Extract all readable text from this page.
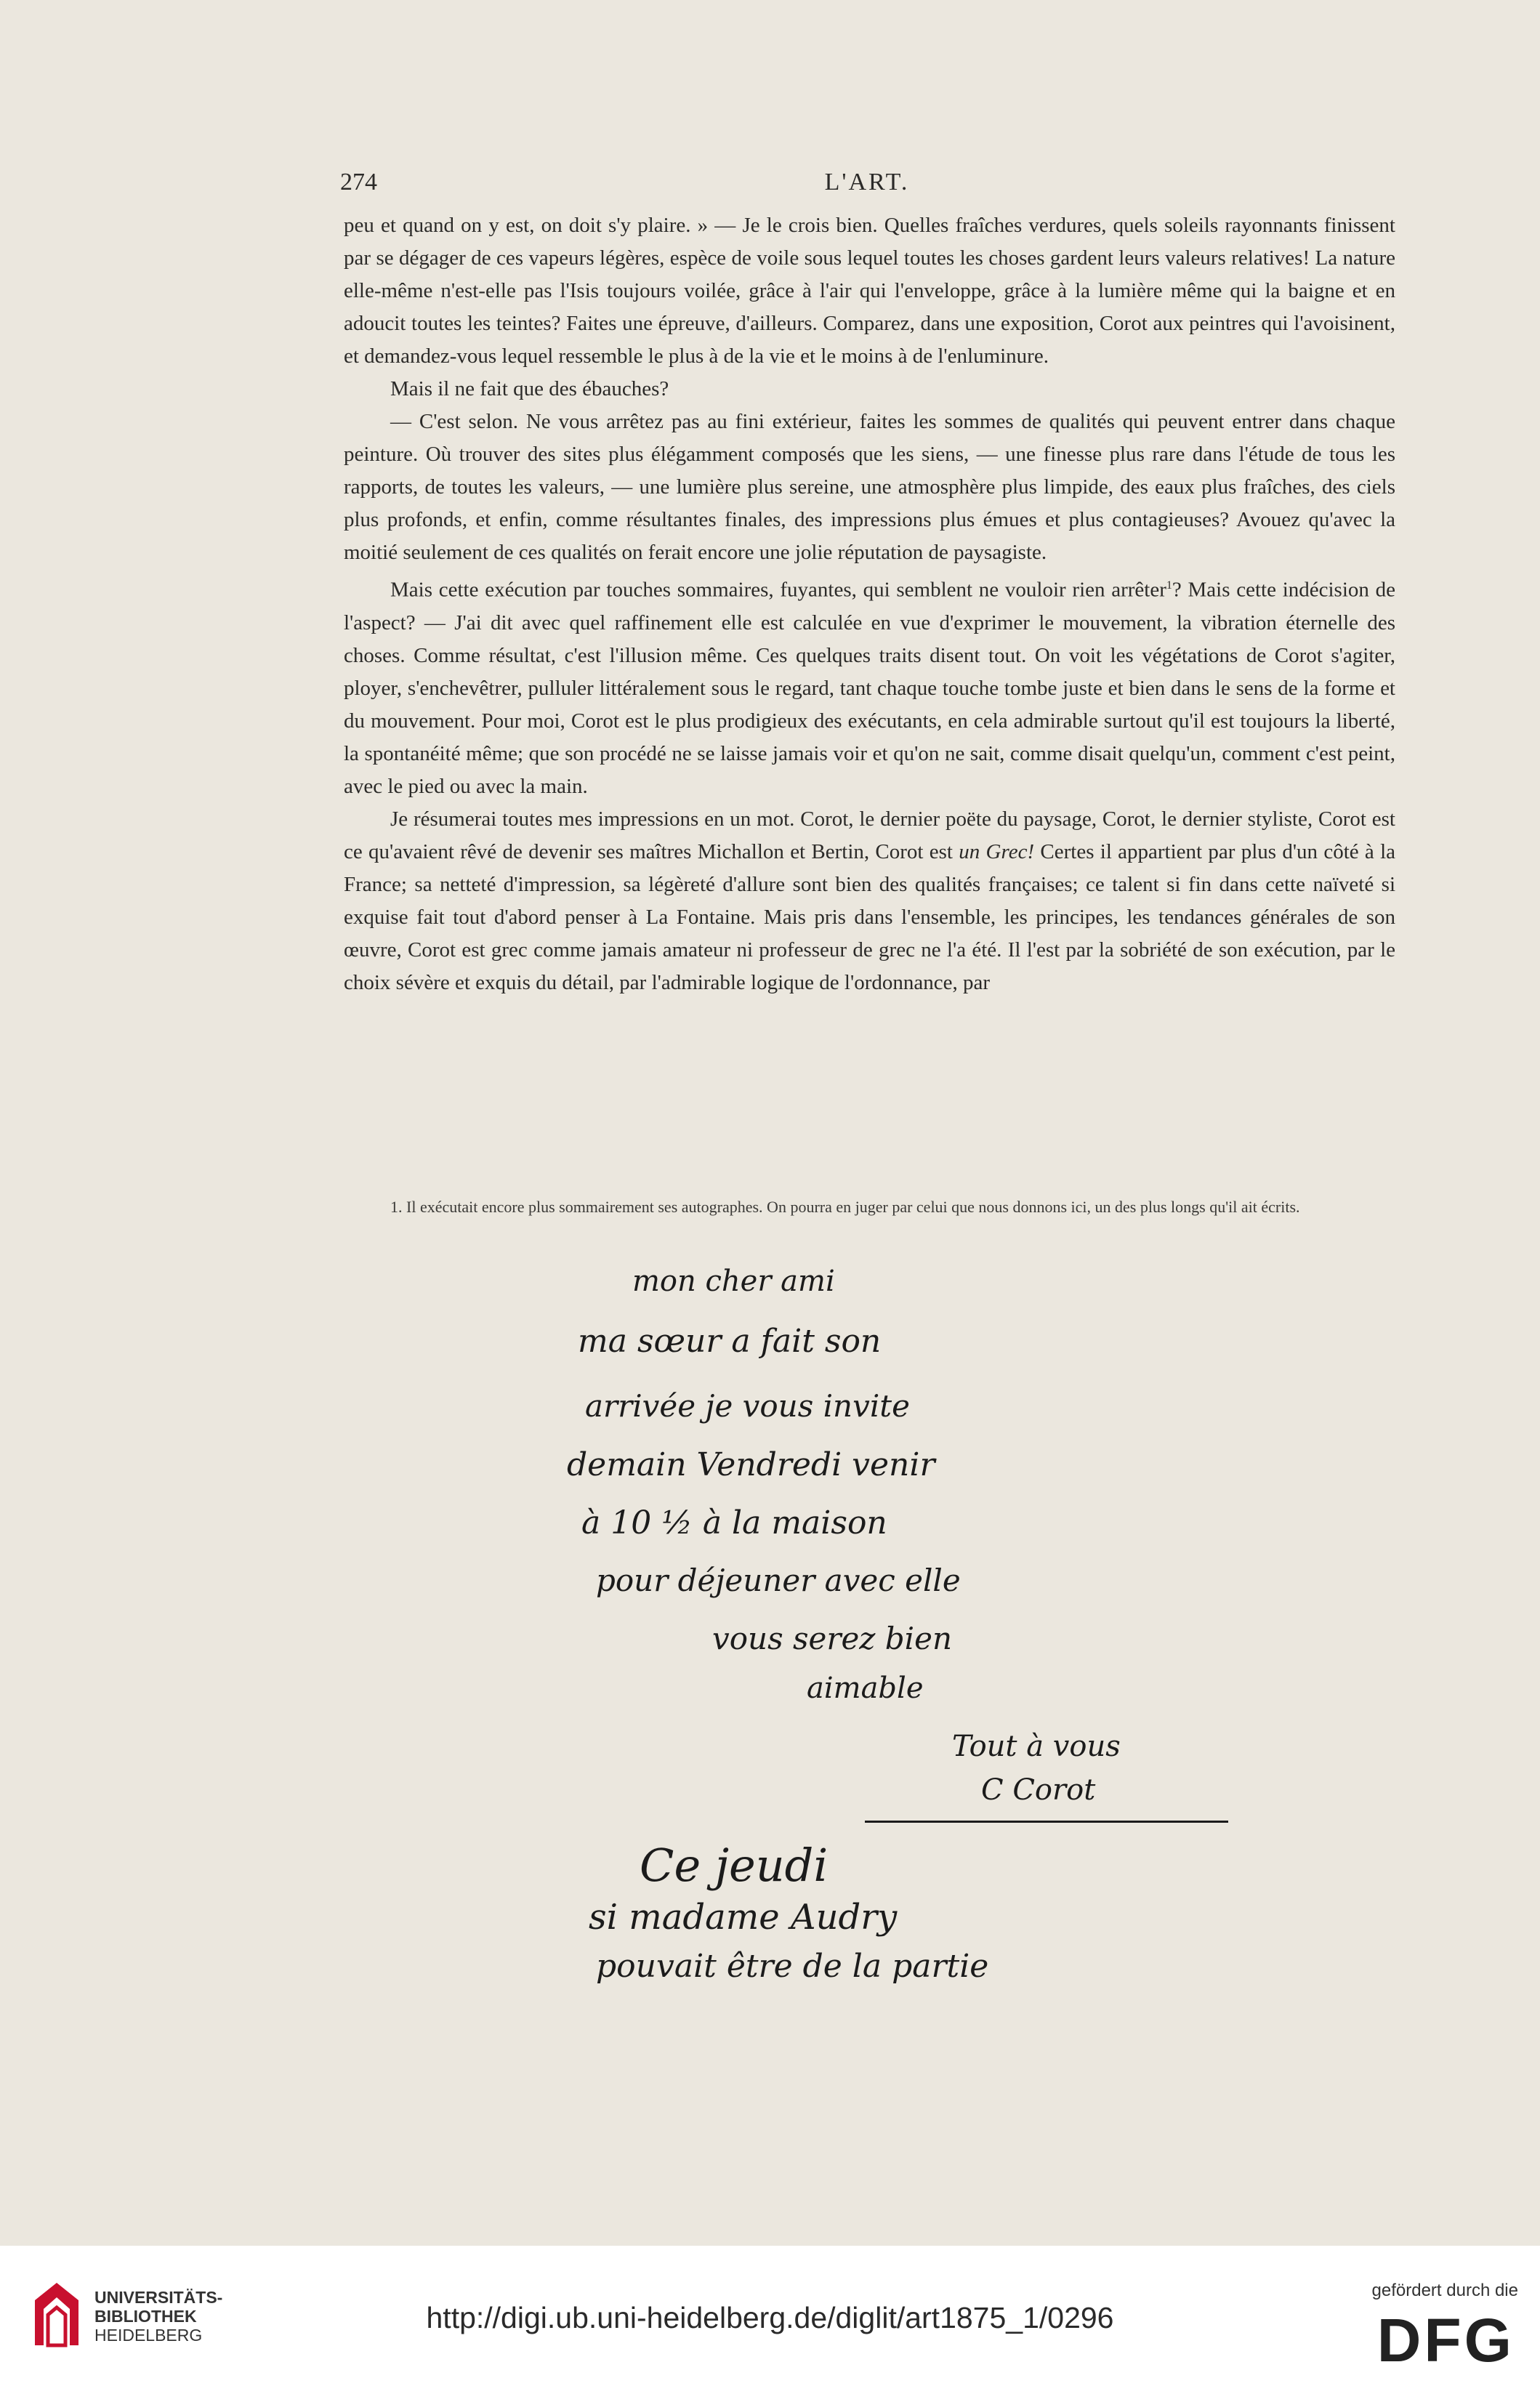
274	L'ART.

peu et quand on y est, on doit s'y plaire. » — Je le crois bien. Quelles fraîches verdures, quels soleils rayonnants finissent par se dégager de ces vapeurs légères, espèce de voile sous lequel toutes les choses gardent leurs valeurs relatives! La nature elle-même n'est-elle pas l'Isis toujours voilée, grâce à l'air qui l'enveloppe, grâce à la lumière même qui la baigne et en adoucit toutes les teintes? Faites une épreuve, d'ailleurs. Comparez, dans une exposition, Corot aux peintres qui l'avoisinent, et demandez-vous lequel ressemble le plus à de la vie et le moins à de l'enluminure.

Mais il ne fait que des ébauches?

— C'est selon. Ne vous arrêtez pas au fini extérieur, faites les sommes de qualités qui peuvent entrer dans chaque peinture. Où trouver des sites plus élégamment composés que les siens, — une finesse plus rare dans l'étude de tous les rapports, de toutes les valeurs, — une lumière plus sereine, une atmosphère plus limpide, des eaux plus fraîches, des ciels plus profonds, et enfin, comme résultantes finales, des impressions plus émues et plus contagieuses? Avouez qu'avec la moitié seulement de ces qualités on ferait encore une jolie réputation de paysagiste.

Mais cette exécution par touches sommaires, fuyantes, qui semblent ne vouloir rien arrêter$^1$? Mais cette indécision de l'aspect? — J'ai dit avec quel raffinement elle est calculée en vue d'exprimer le mouvement, la vibration éternelle des choses. Comme résultat, c'est l'illusion même. Ces quelques traits disent tout. On voit les végétations de Corot s'agiter, ployer, s'enchevêtrer, pulluler littéralement sous le regard, tant chaque touche tombe juste et bien dans le sens de la forme et du mouvement. Pour moi, Corot est le plus prodigieux des exécutants, en cela admirable surtout qu'il est toujours la liberté, la spontanéité même; que son procédé ne se laisse jamais voir et qu'on ne sait, comme disait quelqu'un, comment c'est peint, avec le pied ou avec la main.

Je résumerai toutes mes impressions en un mot. Corot, le dernier poëte du paysage, Corot, le dernier styliste, Corot est ce qu'avaient rêvé de devenir ses maîtres Michallon et Bertin, Corot est un Grec! Certes il appartient par plus d'un côté à la France; sa netteté d'impression, sa légèreté d'allure sont bien des qualités françaises; ce talent si fin dans cette naïveté si exquise fait tout d'abord penser à La Fontaine. Mais pris dans l'ensemble, les principes, les tendances générales de son œuvre, Corot est grec comme jamais amateur ni professeur de grec ne l'a été. Il l'est par la sobriété de son exécution, par le choix sévère et exquis du détail, par l'admirable logique de l'ordonnance, par

1. Il exécutait encore plus sommairement ses autographes. On pourra en juger par celui que nous donnons ici, un des plus longs qu'il ait écrits.
mon cher ami
ma sœur a fait son
arrivée je vous invite
demain Vendredi venir
à 10 ½ à la maison
pour déjeuner avec elle
vous serez bien
aimable
Tout à vous
C Corot
Ce jeudi
si madame Audry
pouvait être de la partie
UNIVERSITÄTS-
BIBLIOTHEK
HEIDELBERG
http://digi.ub.uni-heidelberg.de/diglit/art1875_1/0296
gefördert durch die
DFG
